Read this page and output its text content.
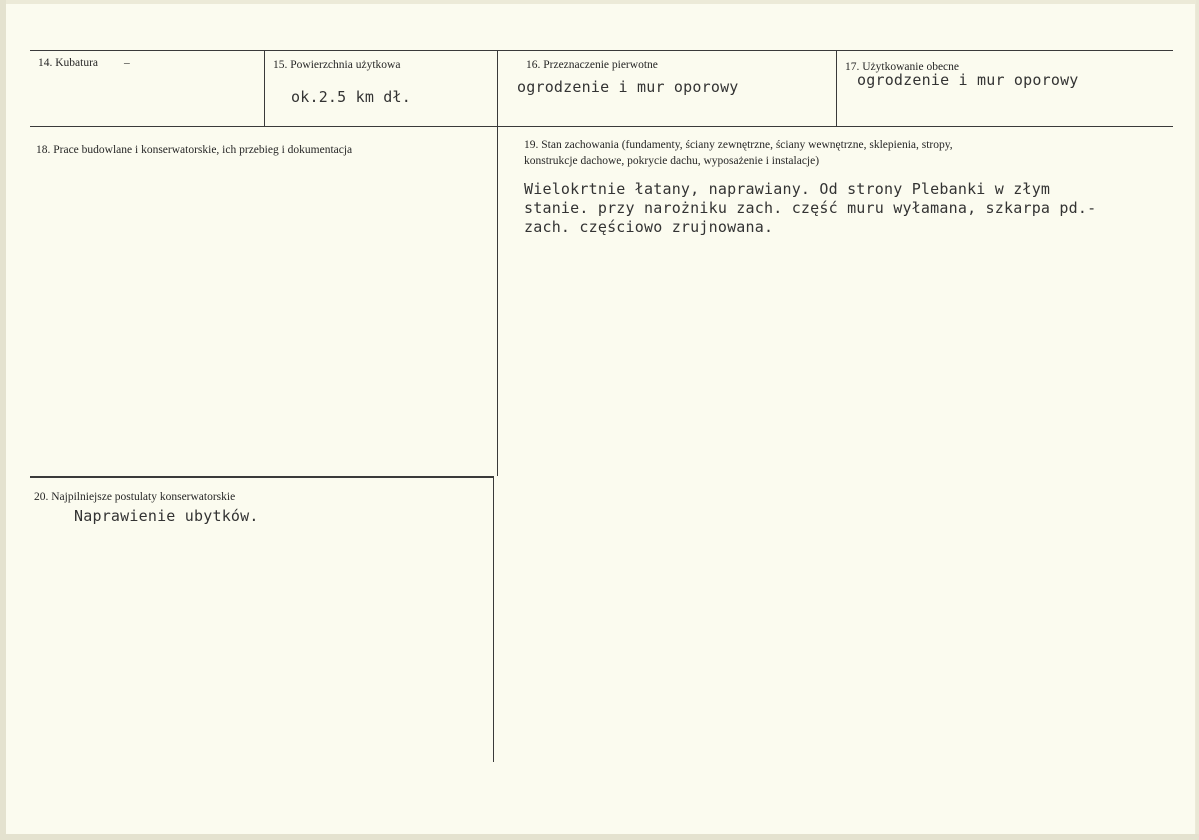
14. Kubatura –	15. Powierzchnia użytkowa
ok.2.5 km dł.
16. Przeznaczenie pierwotne
ogrodzenie i mur oporowy
17. Użytkowanie obecne
ogrodzenie i mur oporowy
18. Prace budowlane i konserwatorskie, ich przebieg i dokumentacja	19. Stan zachowania (fundamenty, ściany zewnętrzne, ściany wewnętrzne, sklepienia, stropy,
konstrukcje dachowe, pokrycie dachu, wyposażenie i instalacje)
Wielokrtnie łatany, naprawiany. Od strony Plebanki w złym
stanie. przy narożniku zach. część muru wyłamana, szkarpa pd.-
zach. częściowo zrujnowana.
20. Najpilniejsze postulaty konserwatorskie
Naprawienie ubytków.
